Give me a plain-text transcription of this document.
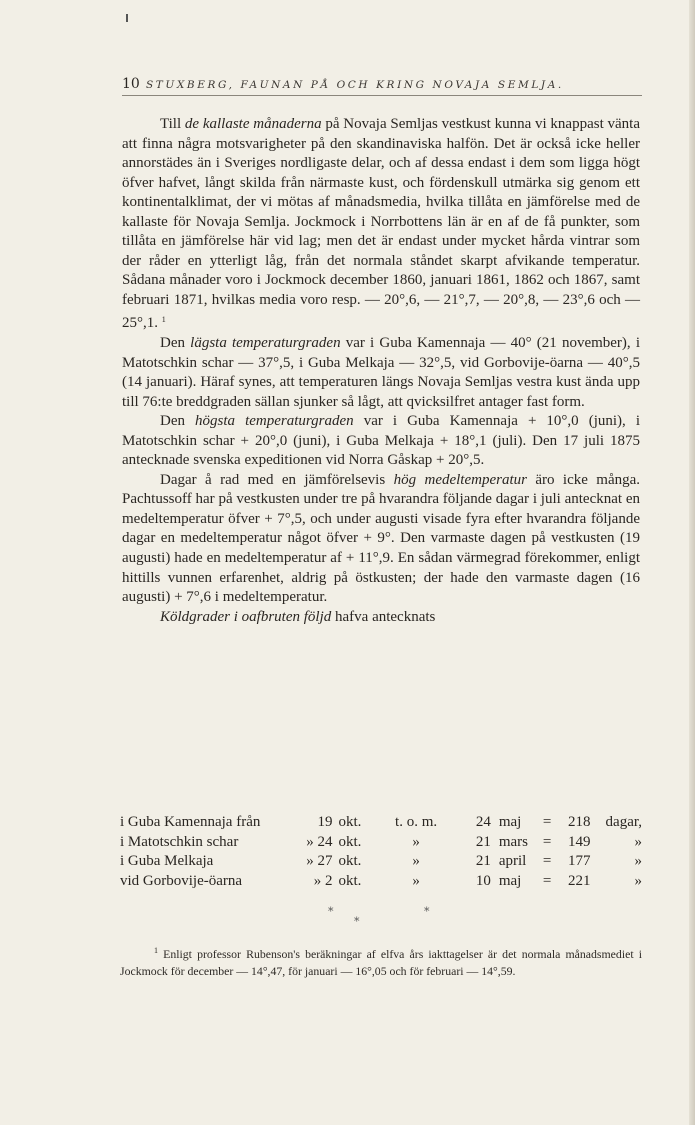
10 STUXBERG, FAUNAN PÅ OCH KRING NOVAJA SEMLJA.

Till de kallaste månaderna på Novaja Semljas vestkust kunna vi knappast vänta att finna några motsvarigheter på den skandinaviska halfön. Det är också icke heller annorstädes än i Sveriges nordligaste delar, och af dessa endast i dem som ligga högt öfver hafvet, långt skilda från närmaste kust, och fördenskull utmärka sig genom ett kontinentalklimat, der vi mötas af månadsmedia, hvilka tillåta en jämförelse med de kallaste för Novaja Semlja. Jockmock i Norrbottens län är en af de få punkter, som tillåta en jämförelse här vid lag; men det är endast under mycket hårda vintrar som der råder en ytterligt låg, från det normala ståndet skarpt afvikande temperatur. Sådana månader voro i Jockmock december 1860, januari 1861, 1862 och 1867, samt februari 1871, hvilkas media voro resp. — 20°,6, — 21°,7, — 20°,8, — 23°,6 och — 25°,1. $^1$

Den lägsta temperaturgraden var i Guba Kamennaja — 40° (21 november), i Matotschkin schar — 37°,5, i Guba Melkaja — 32°,5, vid Gorbovije-öarna — 40°,5 (14 januari). Häraf synes, att temperaturen längs Novaja Semljas vestra kust ända upp till 76:te breddgraden sällan sjunker så lågt, att qvicksilfret antager fast form.

Den högsta temperaturgraden var i Guba Kamennaja + 10°,0 (juni), i Matotschkin schar + 20°,0 (juni), i Guba Melkaja + 18°,1 (juli). Den 17 juli 1875 antecknade svenska expeditionen vid Norra Gåskap + 20°,5.

Dagar å rad med en jämförelsevis hög medeltemperatur äro icke många. Pachtussoff har på vestkusten under tre på hvarandra följande dagar i juli antecknat en medeltemperatur öfver + 7°,5, och under augusti visade fyra efter hvarandra följande dagar en medeltemperatur något öfver + 9°. Den varmaste dagen på vestkusten (19 augusti) hade en medeltemperatur af + 11°,9. En sådan värmegrad förekommer, enligt hittills vunnen erfarenhet, aldrig på östkusten; der hade den varmaste dagen (16 augusti) + 7°,6 i medeltemperatur.

Köldgrader i oafbruten följd hafva antecknats

i Guba Kamennaja från	19	okt.	t. o. m.	24	maj	=	218	dagar,
i Matotschkin schar	» 24	okt.	»	21	mars	=	149	»
i Guba Melkaja	» 27	okt.	»	21	april	=	177	»
vid Gorbovije-öarna	» 2	okt.	»	10	maj	=	221	»
*
*
*

$^1$ Enligt professor Rubenson's beräkningar af elfva års iakttagelser är det normala månadsmediet i Jockmock för december — 14°,47, för januari — 16°,05 och för februari — 14°,59.
